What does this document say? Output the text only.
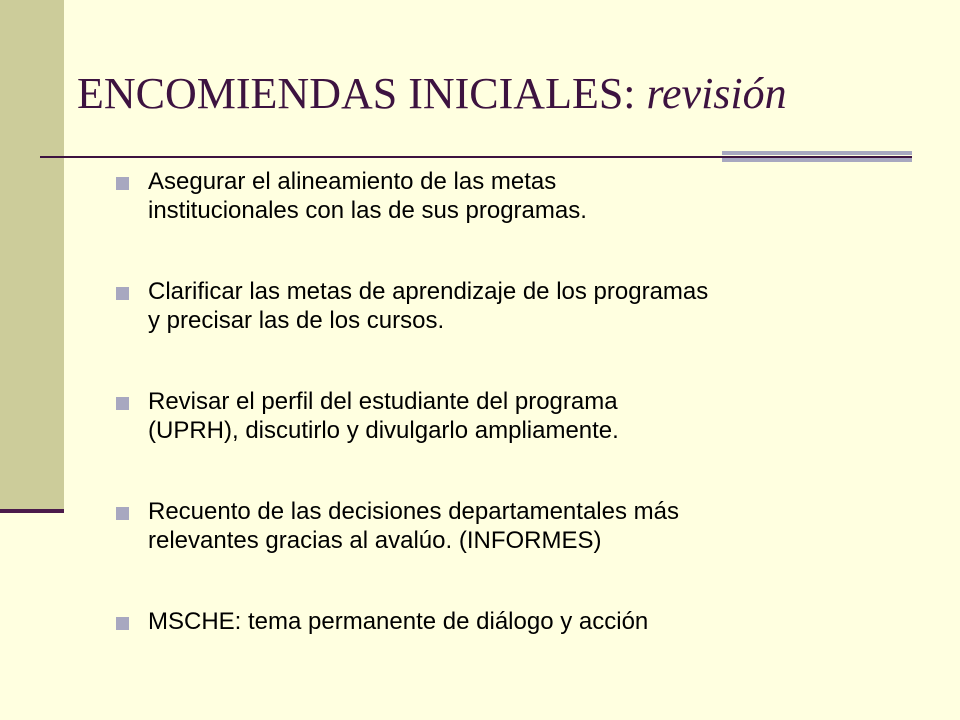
ENCOMIENDAS INICIALES: revisión
Asegurar el alineamiento de las metas
institucionales con las de sus programas.
Clarificar las metas de aprendizaje de los programas
y precisar las de los cursos.
Revisar el perfil del estudiante del programa
(UPRH), discutirlo y divulgarlo ampliamente.
Recuento de las decisiones departamentales más
relevantes gracias al avalúo. (INFORMES)
MSCHE: tema permanente de diálogo y acción
